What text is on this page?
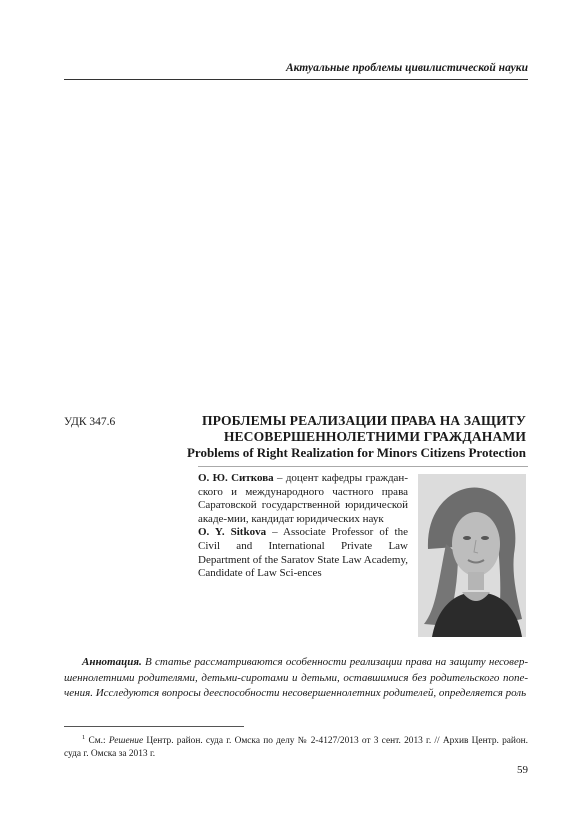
Актуальные проблемы цивилистической науки
УДК 347.6	ПРОБЛЕМЫ РЕАЛИЗАЦИИ ПРАВА НА ЗАЩИТУ
НЕСОВЕРШЕННОЛЕТНИМИ ГРАЖДАНАМИ
Problems of Right Realization for Minors Citizens Protection

О. Ю. Ситкова – доцент кафедры граждан-ского и международного частного права Саратовской государственной юридической акаде-мии, кандидат юридических наук

O. Y. Sitkova – Associate Professor of the Civil and International Private Law Department of the Saratov State Law Academy, Candidate of Law Sci-ences

Аннотация. В статье рассматриваются особенности реализации права на защиту несовер-шеннолетними родителями, детьми-сиротами и детьми, оставшимися без родительского попе-чения. Исследуются вопросы дееспособности несовершеннолетних родителей, определяется роль
$^1$ См.: Решение Центр. район. суда г. Омска по делу № 2-4127/2013 от 3 сент. 2013 г. // Архив Центр. район. суда г. Омска за 2013 г.
59
